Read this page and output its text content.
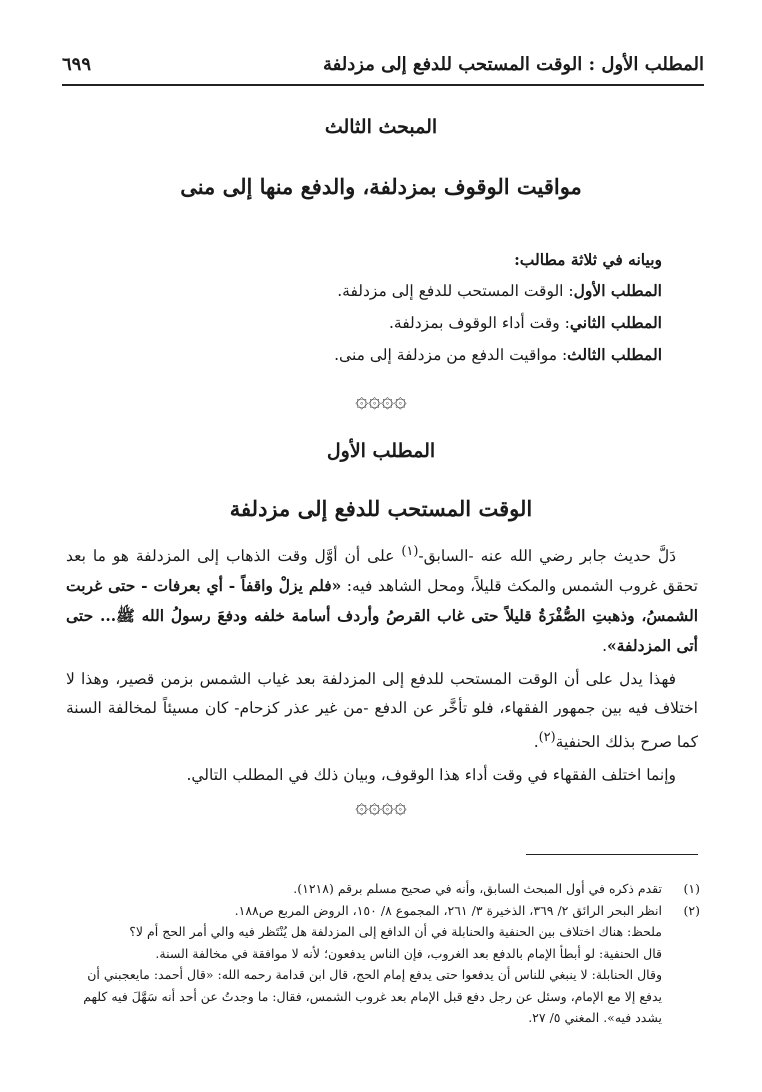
المطلب الأول : الوقت المستحب للدفع إلى مزدلفة
٦٩٩
المبحث الثالث
مواقيت الوقوف بمزدلفة، والدفع منها إلى منى
وبيانه في ثلاثة مطالب:
المطلب الأول: الوقت المستحب للدفع إلى مزدلفة.
المطلب الثاني: وقت أداء الوقوف بمزدلفة.
المطلب الثالث: مواقيت الدفع من مزدلفة إلى منى.
۞۞۞۞
المطلب الأول
الوقت المستحب للدفع إلى مزدلفة

دَلَّ حديث جابر رضي الله عنه -السابق-$^{(١)}$ على أن أوَّل وقت الذهاب إلى المزدلفة هو ما بعد تحقق غروب الشمس والمكث قليلاً، ومحل الشاهد فيه: «فلم يزلْ واقفاً - أي بعرفات - حتى غربت الشمسُ، وذهبتِ الصُّفْرَةُ قليلاً حتى غاب القرصُ وأردف أسامة خلفه ودفعَ رسولُ الله ﷺ... حتى أتى المزدلفة».

فهذا يدل على أن الوقت المستحب للدفع إلى المزدلفة بعد غياب الشمس بزمن قصير، وهذا لا اختلاف فيه بين جمهور الفقهاء، فلو تأخَّر عن الدفع -من غير عذر كزحام- كان مسيئاً لمخالفة السنة كما صرح بذلك الحنفية$^{(٢)}$.

وإنما اختلف الفقهاء في وقت أداء هذا الوقوف، وبيان ذلك في المطلب التالي.

۞۞۞۞
(١)
تقدم ذكره في أول المبحث السابق، وأنه في صحيح مسلم برقم (١٢١٨).
(٢)
انظر البحر الرائق ٢/ ٣٦٩، الذخيرة ٣/ ٢٦١، المجموع ٨/ ١٥٠، الروض المربع ص١٨٨.
ملحظ: هناك اختلاف بين الحنفية والحنابلة في أن الدافع إلى المزدلفة هل يُنْتَظر فيه والي أمر الحج أم لا؟
قال الحنفية: لو أبطأ الإمام بالدفع بعد الغروب، فإن الناس يدفعون؛ لأنه لا موافقة في مخالفة السنة.
وقال الحنابلة: لا ينبغي للناس أن يدفعوا حتى يدفع إمام الحج، قال ابن قدامة رحمه الله: «قال أحمد: مايعجبني أن يدفع إلا مع الإمام، وسئل عن رجل دفع قبل الإمام بعد غروب الشمس، فقال: ما وجدتُ عن أحد أنه سَهَّلَ فيه كلهم يشدد فيه». المغني ٥/ ٢٧.
